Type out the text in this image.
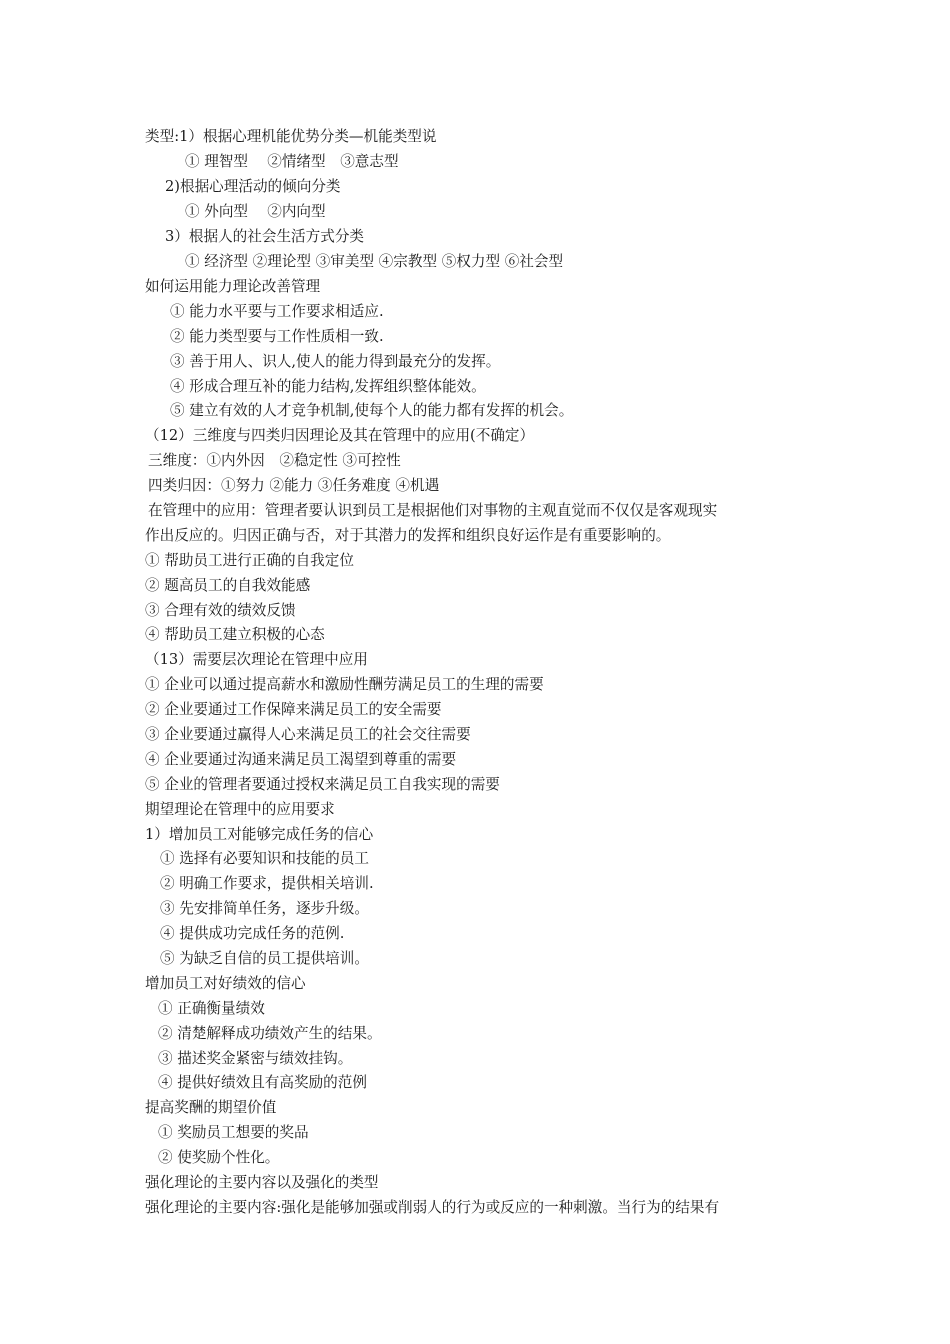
类型:1）根据心理机能优势分类—机能类型说
① 理智型　 ②情绪型　③意志型
2)根据心理活动的倾向分类
① 外向型　 ②内向型
3）根据人的社会生活方式分类
① 经济型 ②理论型 ③审美型 ④宗教型 ⑤权力型 ⑥社会型
如何运用能力理论改善管理
① 能力水平要与工作要求相适应.
② 能力类型要与工作性质相一致.
③ 善于用人、识人,使人的能力得到最充分的发挥。
④ 形成合理互补的能力结构,发挥组织整体能效。
⑤ 建立有效的人才竞争机制,使每个人的能力都有发挥的机会。
（12）三维度与四类归因理论及其在管理中的应用(不确定）
三维度：①内外因　②稳定性 ③可控性
四类归因：①努力 ②能力 ③任务难度 ④机遇
在管理中的应用：管理者要认识到员工是根据他们对事物的主观直觉而不仅仅是客观现实
作出反应的。归因正确与否，对于其潜力的发挥和组织良好运作是有重要影响的。
① 帮助员工进行正确的自我定位
② 题高员工的自我效能感
③ 合理有效的绩效反馈
④ 帮助员工建立积极的心态
（13）需要层次理论在管理中应用
① 企业可以通过提高薪水和激励性酬劳满足员工的生理的需要
② 企业要通过工作保障来满足员工的安全需要
③ 企业要通过赢得人心来满足员工的社会交往需要
④ 企业要通过沟通来满足员工渴望到尊重的需要
⑤ 企业的管理者要通过授权来满足员工自我实现的需要
期望理论在管理中的应用要求
1）增加员工对能够完成任务的信心
① 选择有必要知识和技能的员工
② 明确工作要求，提供相关培训.
③ 先安排简单任务，逐步升级。
④ 提供成功完成任务的范例.
⑤ 为缺乏自信的员工提供培训。
增加员工对好绩效的信心
① 正确衡量绩效
② 清楚解释成功绩效产生的结果。
③ 描述奖金紧密与绩效挂钩。
④ 提供好绩效且有高奖励的范例
提高奖酬的期望价值
① 奖励员工想要的奖品
② 使奖励个性化。
强化理论的主要内容以及强化的类型
强化理论的主要内容:强化是能够加强或削弱人的行为或反应的一种刺激。当行为的结果有
